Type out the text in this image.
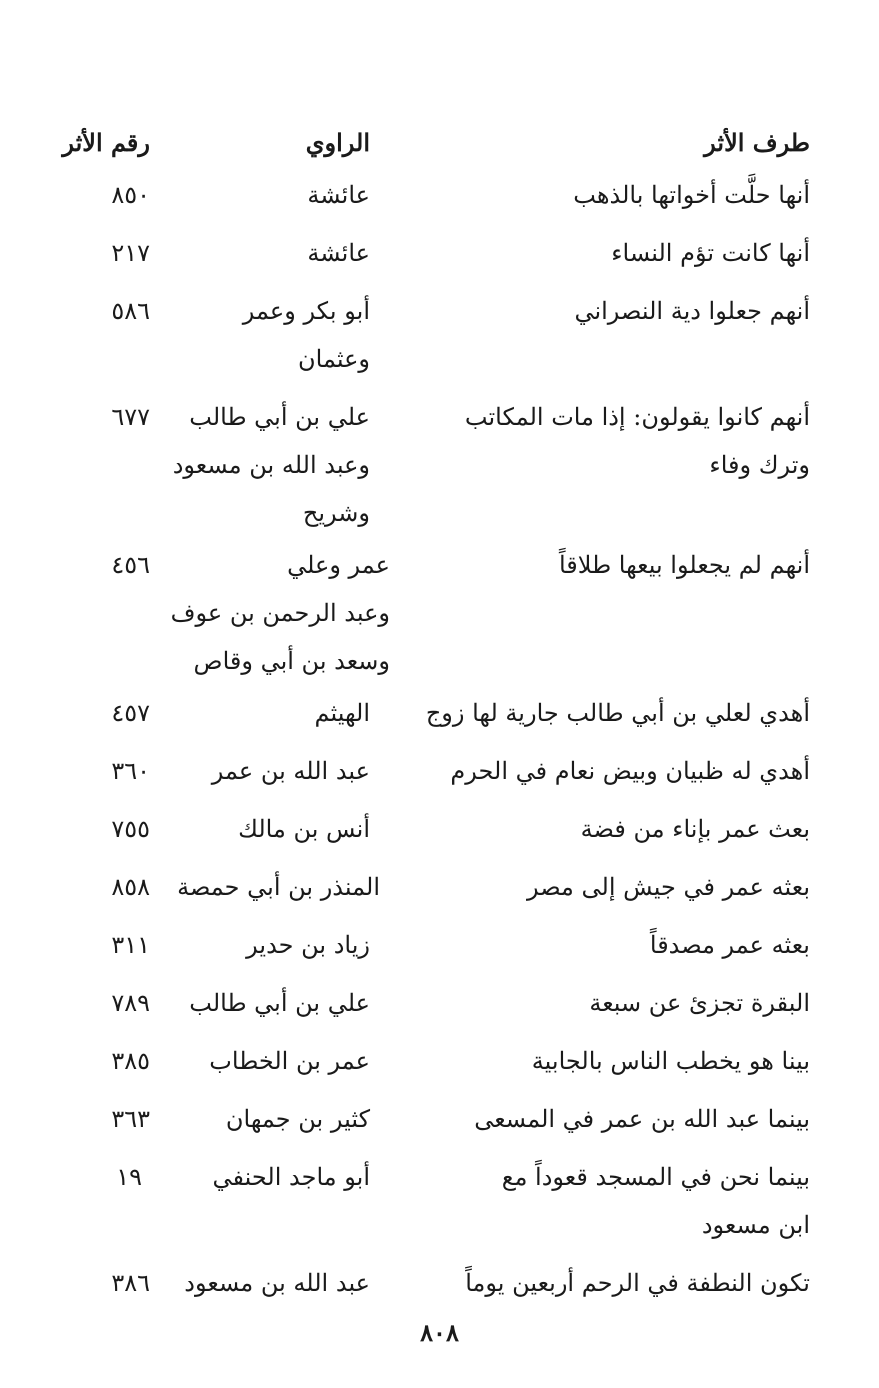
طرف الأثر
الراوي
رقم الأثر
أنها حلَّت أخواتها بالذهب
عائشة
٨٥٠
أنها كانت تؤم النساء
عائشة
٢١٧
أنهم جعلوا دية النصراني
أبو بكر وعمر
وعثمان
٥٨٦
أنهم كانوا يقولون: إذا مات المكاتب
وترك وفاء
علي بن أبي طالب
وعبد الله بن مسعود
وشريح
٦٧٧
أنهم لم يجعلوا بيعها طلاقاً
عمر وعلي
وعبد الرحمن بن عوف
وسعد بن أبي وقاص
٤٥٦
أهدي لعلي بن أبي طالب جارية لها زوج
الهيثم
٤٥٧
أهدي له ظبيان وبيض نعام في الحرم
عبد الله بن عمر
٣٦٠
بعث عمر بإناء من فضة
أنس بن مالك
٧٥٥
بعثه عمر في جيش إلى مصر
المنذر بن أبي حمصة
٨٥٨
بعثه عمر مصدقاً
زياد بن حدير
٣١١
البقرة تجزئ عن سبعة
علي بن أبي طالب
٧٨٩
بينا هو يخطب الناس بالجابية
عمر بن الخطاب
٣٨٥
بينما عبد الله بن عمر في المسعى
كثير بن جمهان
٣٦٣
بينما نحن في المسجد قعوداً مع
ابن مسعود
أبو ماجد الحنفي
١٩
تكون النطفة في الرحم أربعين يوماً
عبد الله بن مسعود
٣٨٦
٨٠٨
